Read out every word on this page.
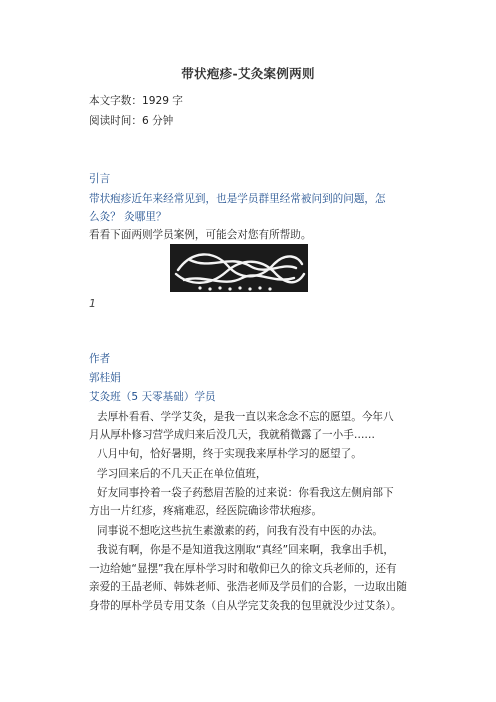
带状疱疹-艾灸案例两则
本文字数：1929 字
阅读时间：6 分钟
引言
带状疱疹近年来经常见到，也是学员群里经常被问到的问题，怎
么灸？ 灸哪里？
看看下面两则学员案例，可能会对您有所帮助。
1
作者
郭桂娟
艾灸班（5 天零基础）学员
去厚朴看看、学学艾灸，是我一直以来念念不忘的愿望。今年八
月从厚朴修习营学成归来后没几天，我就稍微露了一小手……
八月中旬，恰好暑期，终于实现我来厚朴学习的愿望了。
学习回来后的不几天正在单位值班，
好友同事拎着一袋子药愁眉苦脸的过来说：你看我这左侧肩部下
方出一片红疹，疼痛难忍，经医院确诊带状疱疹。
同事说不想吃这些抗生素激素的药，问我有没有中医的办法。
我说有啊，你是不是知道我这刚取“真经”回来啊，我拿出手机，
一边给她“显摆”我在厚朴学习时和敬仰已久的徐文兵老师的，还有
亲爱的王晶老师、韩姝老师、张浩老师及学员们的合影，一边取出随
身带的厚朴学员专用艾条（自从学完艾灸我的包里就没少过艾条）。
